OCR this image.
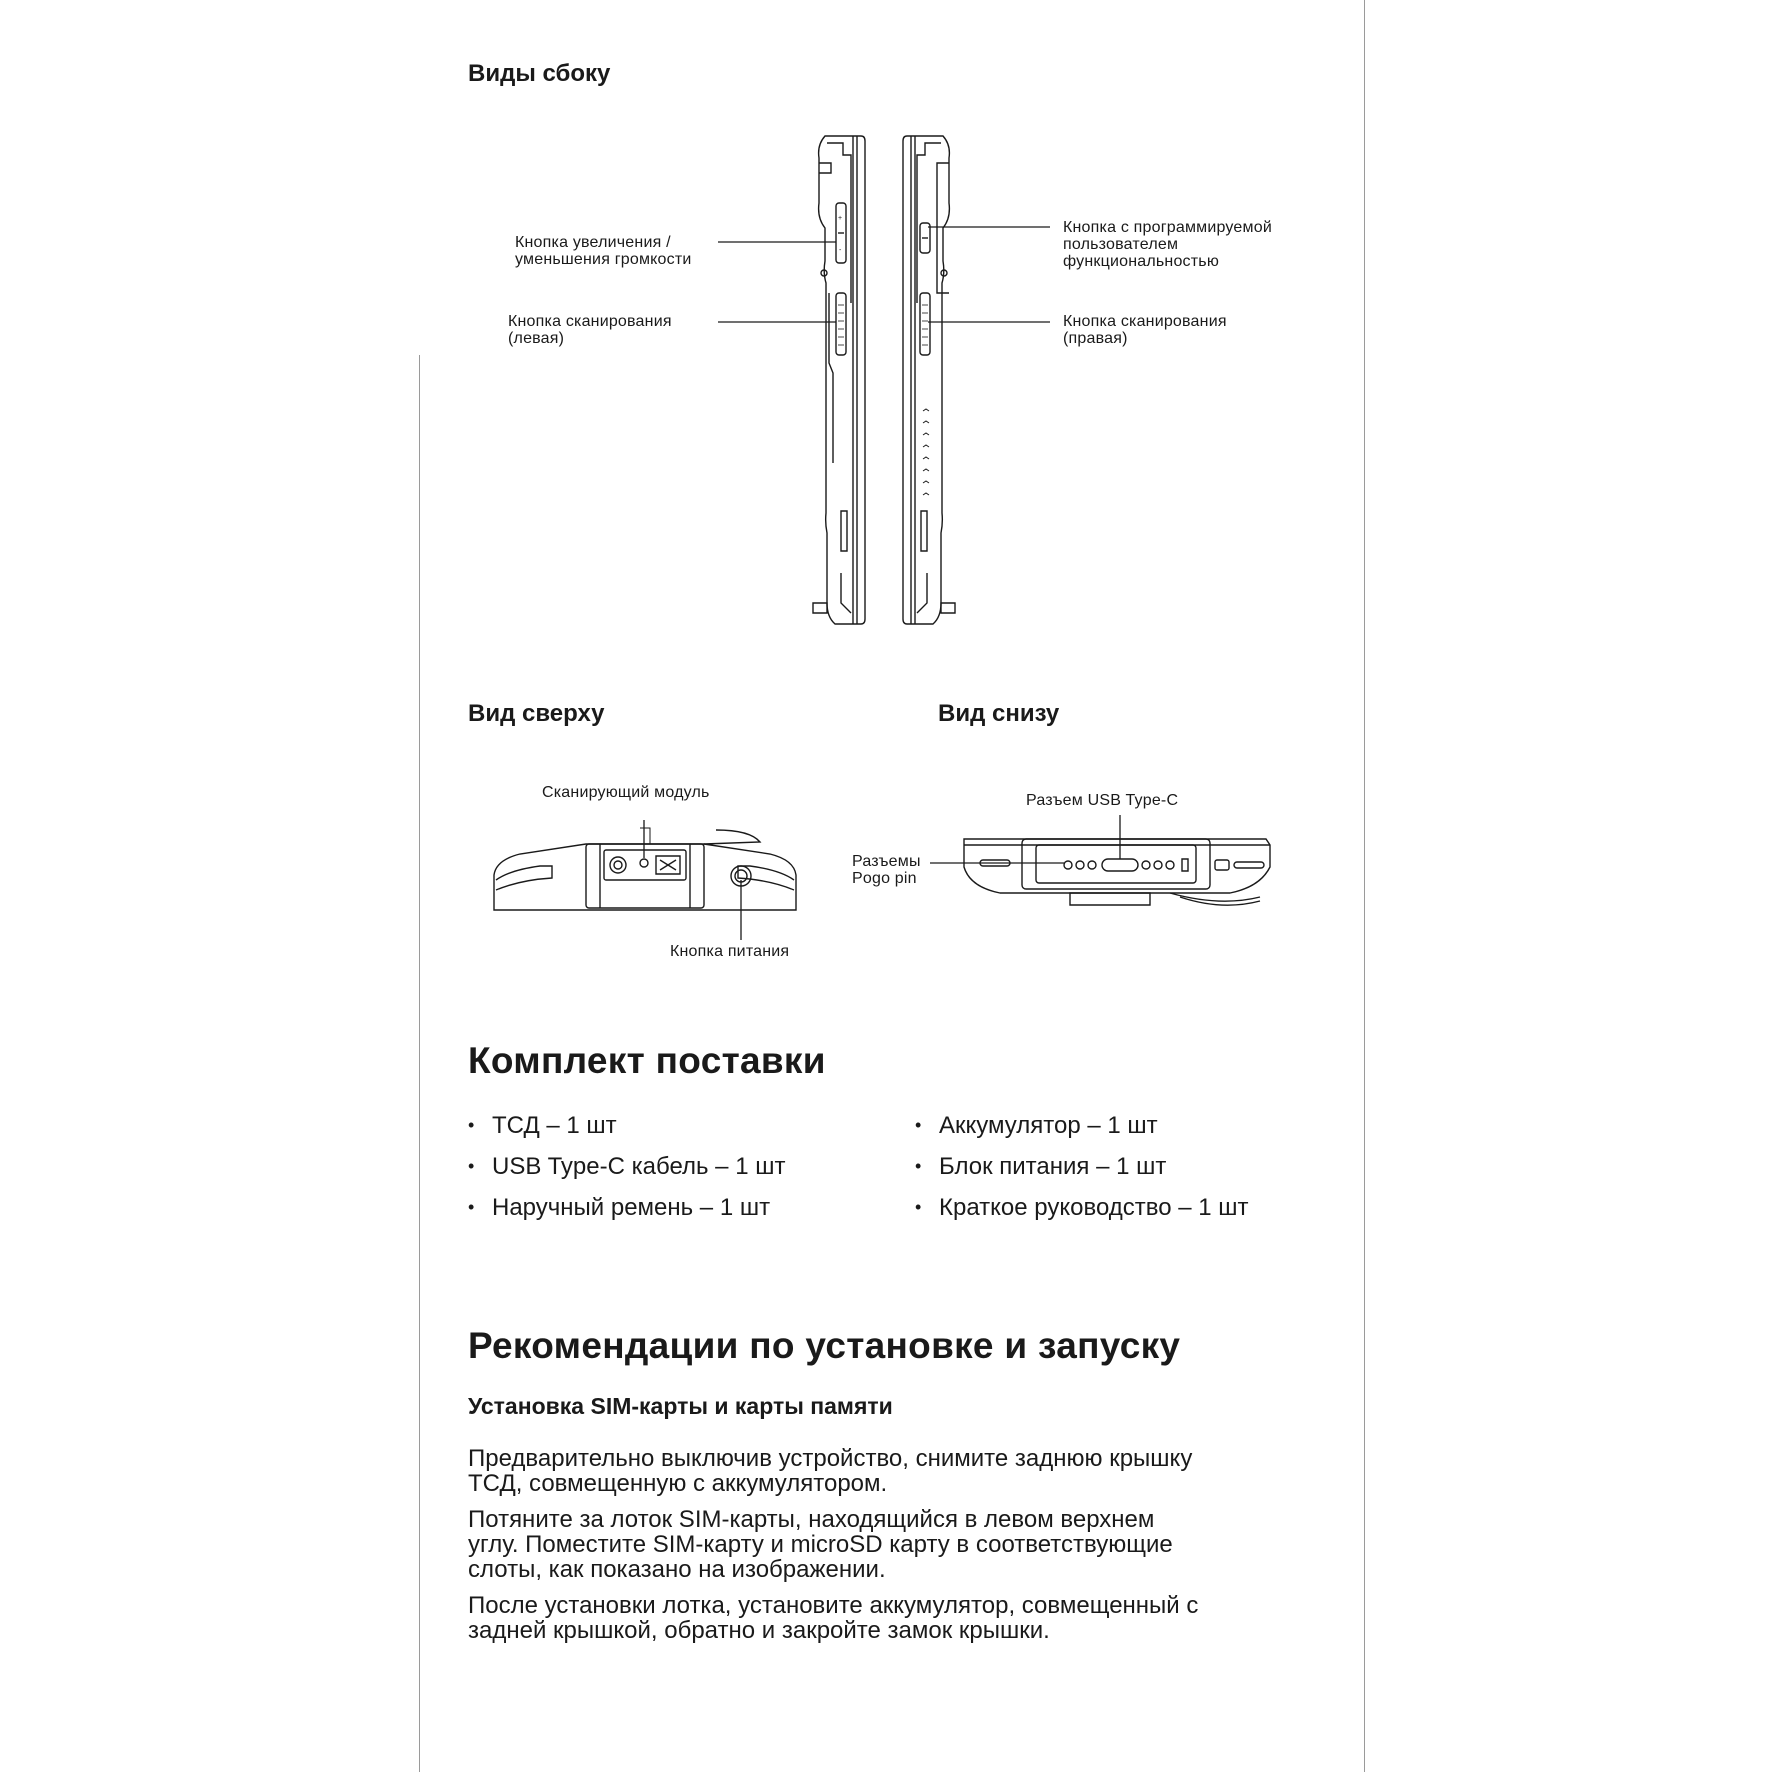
Виды сбоку
+
-
Кнопка увеличения /
уменьшения громкости
Кнопка сканирования
(левая)
Кнопка с программируемой
пользователем
функциональностью
Кнопка сканирования
(правая)
Вид сверху
Сканирующий модуль
Кнопка питания
Вид снизу
Разъем USB Type-C
Разъемы
Pogo pin
Комплект поставки
• ТСД – 1 шт
• USB Type-C кабель – 1 шт
• Наручный ремень – 1 шт
• Аккумулятор – 1 шт
• Блок питания – 1 шт
• Краткое руководство – 1 шт
Рекомендации по установке и запуску
Установка SIM-карты и карты памяти
Предварительно выключив устройство, снимите заднюю крышку
ТСД, совмещенную с аккумулятором.
Потяните за лоток SIM-карты, находящийся в левом верхнем
углу. Поместите SIM-карту и microSD карту в соответствующие
слоты, как показано на изображении.
После установки лотка, установите аккумулятор, совмещенный с
задней крышкой, обратно и закройте замок крышки.
